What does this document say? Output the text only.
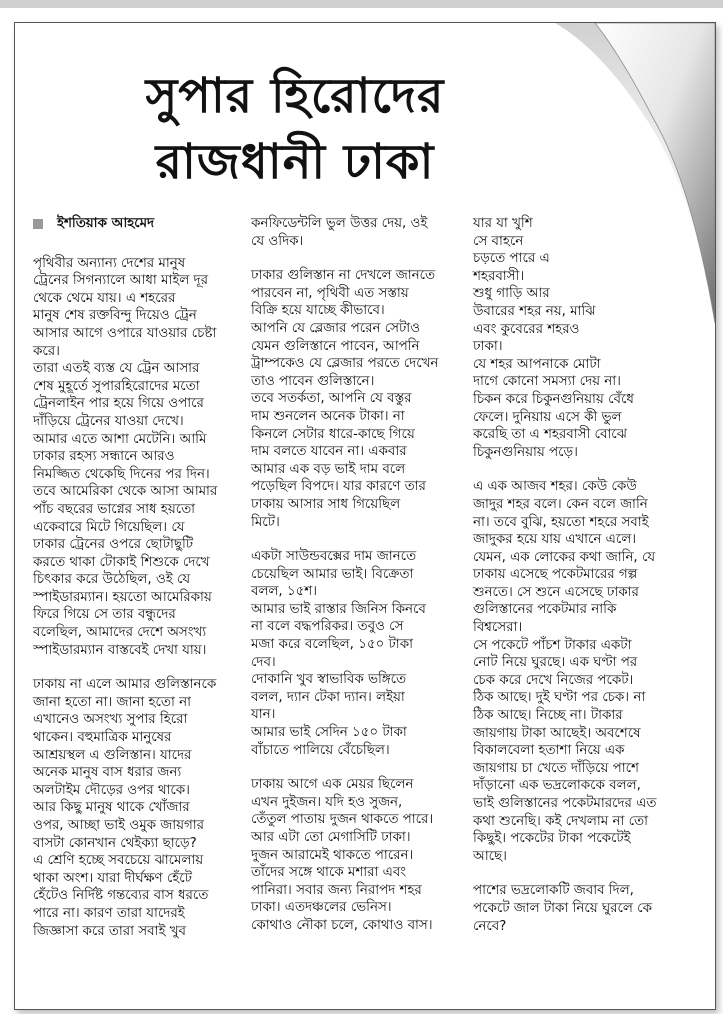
সুপার হিরোদের
রাজধানী ঢাকা
ইশতিয়াক আহমেদ

পৃথিবীর অন্যান্য দেশের মানুষ
ট্রেনের সিগন্যালে আধা মাইল দূর
থেকে থেমে যায়। এ শহরের
মানুষ শেষ রক্তবিন্দু দিয়েও ট্রেন
আসার আগে ওপারে যাওয়ার চেষ্টা
করে।
তারা এতই ব্যস্ত যে ট্রেন আসার
শেষ মুহূর্তে সুপারহিরোদের মতো
ট্রেনলাইন পার হয়ে গিয়ে ওপারে
দাঁড়িয়ে ট্রেনের যাওয়া দেখে।
আমার এতে আশা মেটেনি। আমি
ঢাকার রহস্য সন্ধানে আরও
নিমজ্জিত থেকেছি দিনের পর দিন।
তবে আমেরিকা থেকে আসা আমার
পাঁচ বছরের ভাগ্নের সাধ হয়তো
একেবারে মিটে গিয়েছিল। যে
ঢাকার ট্রেনের ওপরে ছোটাছুটি
করতে থাকা টোকাই শিশুকে দেখে
চিৎকার করে উঠেছিল, ওই যে
স্পাইডারম্যান। হয়তো আমেরিকায়
ফিরে গিয়ে সে তার বন্ধুদের
বলেছিল, আমাদের দেশে অসংখ্য
স্পাইডারম্যান বাস্তবেই দেখা যায়।

ঢাকায় না এলে আমার গুলিস্তানকে
জানা হতো না। জানা হতো না
এখানেও অসংখ্য সুপার হিরো
থাকেন। বহুমাত্রিক মানুষের
আশ্রয়স্থল এ গুলিস্তান। যাদের
অনেক মানুষ বাস ধরার জন্য
অলটাইম দৌড়ের ওপর থাকে।
আর কিছু মানুষ থাকে খোঁজার
ওপর, আচ্ছা ভাই ওমুক জায়গার
বাসটা কোনখান থেইক্যা ছাড়ে?
এ শ্রেণি হচ্ছে সবচেয়ে ঝামেলায়
থাকা অংশ। যারা দীর্ঘক্ষণ হেঁটে
হেঁটেও নির্দিষ্ট গন্তব্যের বাস ধরতে
পারে না। কারণ তারা যাদেরই
জিজ্ঞাসা করে তারা সবাই খুব

কনফিডেন্টলি ভুল উত্তর দেয়, ওই
যে ওদিক।

ঢাকার গুলিস্তান না দেখলে জানতে
পারবেন না, পৃথিবী এত সস্তায়
বিক্রি হয়ে যাচ্ছে কীভাবে।
আপনি যে ব্লেজার পরেন সেটাও
যেমন গুলিস্তানে পাবেন, আপনি
ট্রাম্পকেও যে ব্লেজার পরতে দেখেন
তাও পাবেন গুলিস্তানে।
তবে সতর্কতা, আপনি যে বস্তুর
দাম শুনলেন অনেক টাকা। না
কিনলে সেটার ধারে-কাছে গিয়ে
দাম বলতে যাবেন না। একবার
আমার এক বড় ভাই দাম বলে
পড়েছিল বিপদে। যার কারণে তার
ঢাকায় আসার সাধ গিয়েছিল
মিটে।

একটা সাউন্ডবক্সের দাম জানতে
চেয়েছিল আমার ভাই। বিক্রেতা
বলল, ১৫শ।
আমার ভাই রাস্তার জিনিস কিনবে
না বলে বদ্ধপরিকর। তবুও সে
মজা করে বলেছিল, ১৫০ টাকা
দেব।
দোকানি খুব স্বাভাবিক ভঙ্গিতে
বলল, দ্যান টেকা দ্যান। লইয়া
যান।
আমার ভাই সেদিন ১৫০ টাকা
বাঁচাতে পালিয়ে বেঁচেছিল।

ঢাকায় আগে এক মেয়র ছিলেন
এখন দুইজন। যদি হও সুজন,
তেঁতুল পাতায় দুজন থাকতে পারে।
আর এটা তো মেগাসিটি ঢাকা।
দুজন আরামেই থাকতে পারেন।
তাঁদের সঙ্গে থাকে মশারা এবং
পানিরা। সবার জন্য নিরাপদ শহর
ঢাকা। এতদঞ্চলের ভেনিস।
কোথাও নৌকা চলে, কোথাও বাস।

যার যা খুশি
সে বাহনে
চড়তে পারে এ
শহরবাসী।
শুধু গাড়ি আর
উবারের শহর নয়, মাঝি
এবং কুবেরের শহরও
ঢাকা।
যে শহর আপনাকে মোটা
দাগে কোনো সমস্যা দেয় না।
চিকন করে চিকুনগুনিয়ায় বেঁধে
ফেলে। দুনিয়ায় এসে কী ভুল
করেছি তা এ শহরবাসী বোঝে
চিকুনগুনিয়ায় পড়ে।

এ এক আজব শহর। কেউ কেউ
জাদুর শহর বলে। কেন বলে জানি
না। তবে বুঝি, হয়তো শহরে সবাই
জাদুকর হয়ে যায় এখানে এলে।
যেমন, এক লোকের কথা জানি, যে
ঢাকায় এসেছে পকেটমারের গল্প
শুনতে। সে শুনে এসেছে ঢাকার
গুলিস্তানের পকেটমার নাকি
বিশ্বসেরা।
সে পকেটে পাঁচশ টাকার একটা
নোট নিয়ে ঘুরছে। এক ঘণ্টা পর
চেক করে দেখে নিজের পকেট।
ঠিক আছে। দুই ঘণ্টা পর চেক। না
ঠিক আছে। নিচ্ছে না। টাকার
জায়গায় টাকা আছেই। অবশেষে
বিকালবেলা হতাশা নিয়ে এক
জায়গায় চা খেতে দাঁড়িয়ে পাশে
দাঁড়ানো এক ভদ্রলোককে বলল,
ভাই গুলিস্তানের পকেটমারদের এত
কথা শুনেছি। কই দেখলাম না তো
কিছুই। পকেটের টাকা পকেটেই
আছে।

পাশের ভদ্রলোকটি জবাব দিল,
পকেটে জাল টাকা নিয়ে ঘুরলে কে
নেবে?
